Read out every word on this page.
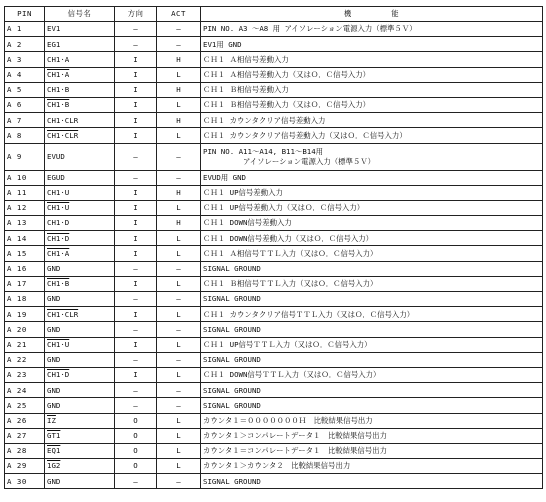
PIN	信号名	方向	ACT	機　　　　　能
A 1	EV1	—	—	PIN NO. A3 〜A8 用 アイソレーション電源入力（標準５Ｖ）

A 2	EG1	—	—	EV1用 GND

A 3	CH1·A	I	H	ＣＨ１ Ａ相信号差動入力

A 4	CH1·A	I	L	ＣＨ１ Ａ相信号差動入力（又はＯ．Ｃ信号入力）

A 5	CH1·B	I	H	ＣＨ１ Ｂ相信号差動入力

A 6	CH1·B	I	L	ＣＨ１ Ｂ相信号差動入力（又はＯ．Ｃ信号入力）

A 7	CH1·CLR	I	H	ＣＨ１ カウンタクリア信号差動入力

A 8	CH1·CLR	I	L	ＣＨ１ カウンタクリア信号差動入力（又はＯ．Ｃ信号入力）

A 9	EVUD	—	—	PIN NO. A11〜A14, B11〜B14用
アイソレーション電源入力（標準５Ｖ）

A 10	EGUD	—	—	EVUD用 GND

A 11	CH1·U	I	H	ＣＨ１ UP信号差動入力

A 12	CH1·U	I	L	ＣＨ１ UP信号差動入力（又はＯ．Ｃ信号入力）

A 13	CH1·D	I	H	ＣＨ１ DOWN信号差動入力

A 14	CH1·D	I	L	ＣＨ１ DOWN信号差動入力（又はＯ．Ｃ信号入力）

A 15	CH1·A	I	L	ＣＨ１ Ａ相信号ＴＴＬ入力（又はＯ．Ｃ信号入力）

A 16	GND	—	—	SIGNAL GROUND

A 17	CH1·B	I	L	ＣＨ１ Ｂ相信号ＴＴＬ入力（又はＯ．Ｃ信号入力）

A 18	GND	—	—	SIGNAL GROUND

A 19	CH1·CLR	I	L	ＣＨ１ カウンタクリア信号ＴＴＬ入力（又はＯ．Ｃ信号入力）

A 20	GND	—	—	SIGNAL GROUND

A 21	CH1·U	I	L	ＣＨ１ UP信号ＴＴＬ入力（又はＯ．Ｃ信号入力）

A 22	GND	—	—	SIGNAL GROUND

A 23	CH1·D	I	L	ＣＨ１ DOWN信号ＴＴＬ入力（又はＯ．Ｃ信号入力）

A 24	GND	—	—	SIGNAL GROUND

A 25	GND	—	—	SIGNAL GROUND

A 26	$\overline{IZ}$	O	L	カウンタ１＝０００００００Ｈ　比較結果信号出力

A 27	GT1	O	L	カウンタ１＞コンパレートデータ１　比較結果信号出力

A 28	EQ1	O	L	カウンタ１＝コンパレートデータ１　比較結果信号出力

A 29	1G2	O	L	カウンタ１＞カウンタ２　比較結果信号出力

A 30	GND	—	—	SIGNAL GROUND
